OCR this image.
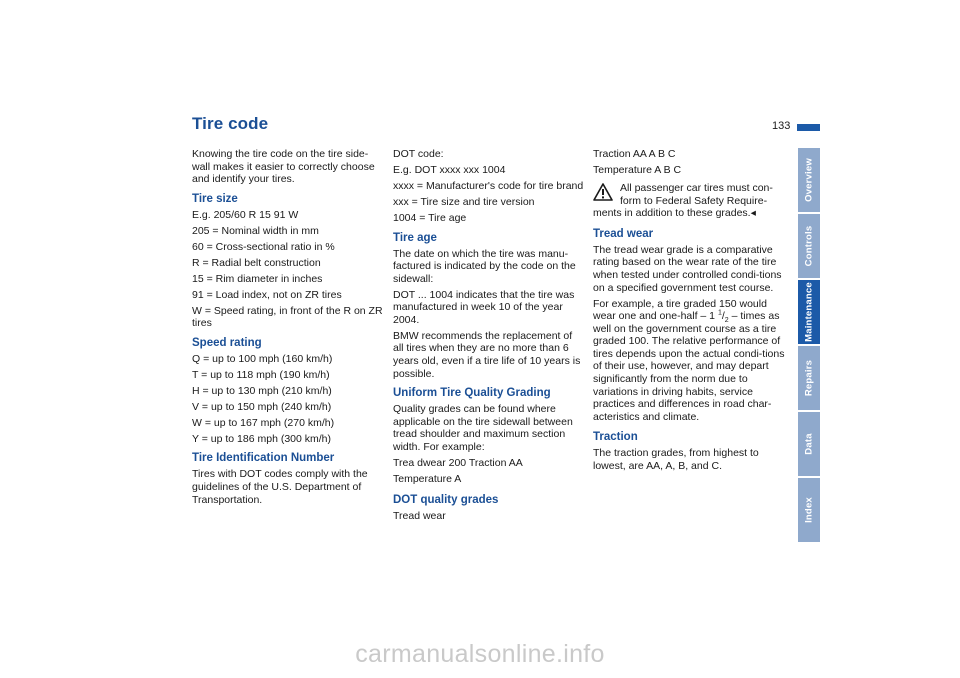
Tire code	133

Knowing the tire code on the tire side-wall makes it easier to correctly choose and identify your tires.

Tire size

E.g. 205/60 R 15 91 W

205 = Nominal width in mm

60 = Cross-sectional ratio in %

R = Radial belt construction

15 = Rim diameter in inches

91 = Load index, not on ZR tires

W = Speed rating, in front of the R on ZR tires

Speed rating

Q = up to 100 mph (160 km/h)

T = up to 118 mph (190 km/h)

H = up to 130 mph (210 km/h)

V = up to 150 mph (240 km/h)

W = up to 167 mph (270 km/h)

Y = up to 186 mph (300 km/h)

Tire Identification Number

Tires with DOT codes comply with the guidelines of the U.S. Department of Transportation.

DOT code:

E.g. DOT xxxx xxx 1004

xxxx = Manufacturer's code for tire brand

xxx = Tire size and tire version

1004 = Tire age

Tire age

The date on which the tire was manu-factured is indicated by the code on the sidewall:

DOT ... 1004 indicates that the tire was manufactured in week 10 of the year 2004.

BMW recommends the replacement of all tires when they are no more than 6 years old, even if a tire life of 10 years is possible.

Uniform Tire Quality Grading

Quality grades can be found where applicable on the tire sidewall between tread shoulder and maximum section width. For example:

Trea dwear 200 Traction AA

Temperature A

DOT quality grades

Tread wear

Traction AA A B C

Temperature A B C

All passenger car tires must con-
form to Federal Safety Require-
ments in addition to these grades.◂
Tread wear

The tread wear grade is a comparative rating based on the wear rate of the tire when tested under controlled condi-tions on a specified government test course.

For example, a tire graded 150 would wear one and one-half – 1 $^1/_2$ – times as well on the government course as a tire graded 100. The relative performance of tires depends upon the actual condi-tions of their use, however, and may depart significantly from the norm due to variations in driving habits, service practices and differences in road char-acteristics and climate.

Traction

The traction grades, from highest to lowest, are AA, A, B, and C.

Overview
Controls
Maintenance
Repairs
Data
Index
carmanualsonline.info
